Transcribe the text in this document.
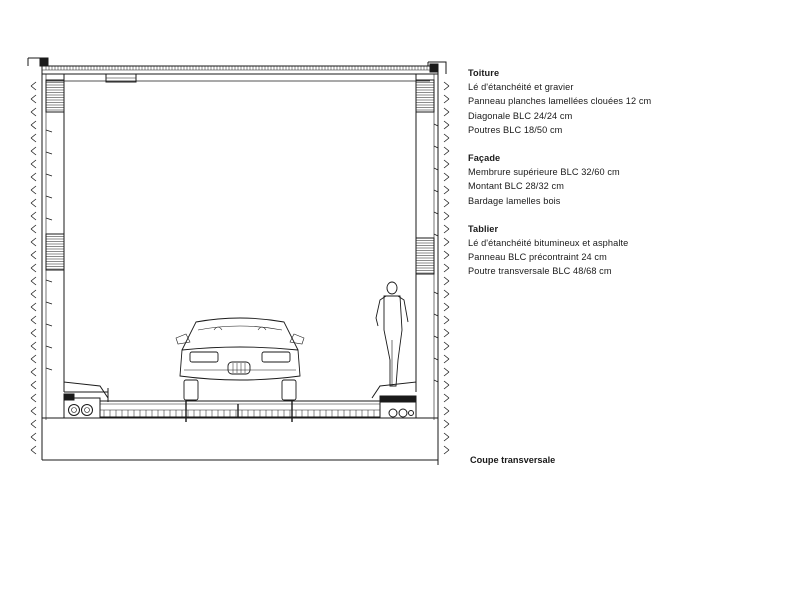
Toiture
Lé d'étanchéité et gravier
Panneau planches lamellées clouées 12 cm
Diagonale BLC 24/24 cm
Poutres BLC 18/50 cm
Façade
Membrure supérieure BLC 32/60 cm
Montant BLC 28/32 cm
Bardage lamelles bois
Tablier
Lé d'étanchéité bitumineux et asphalte
Panneau BLC précontraint 24 cm
Poutre transversale BLC 48/68 cm
Coupe transversale
